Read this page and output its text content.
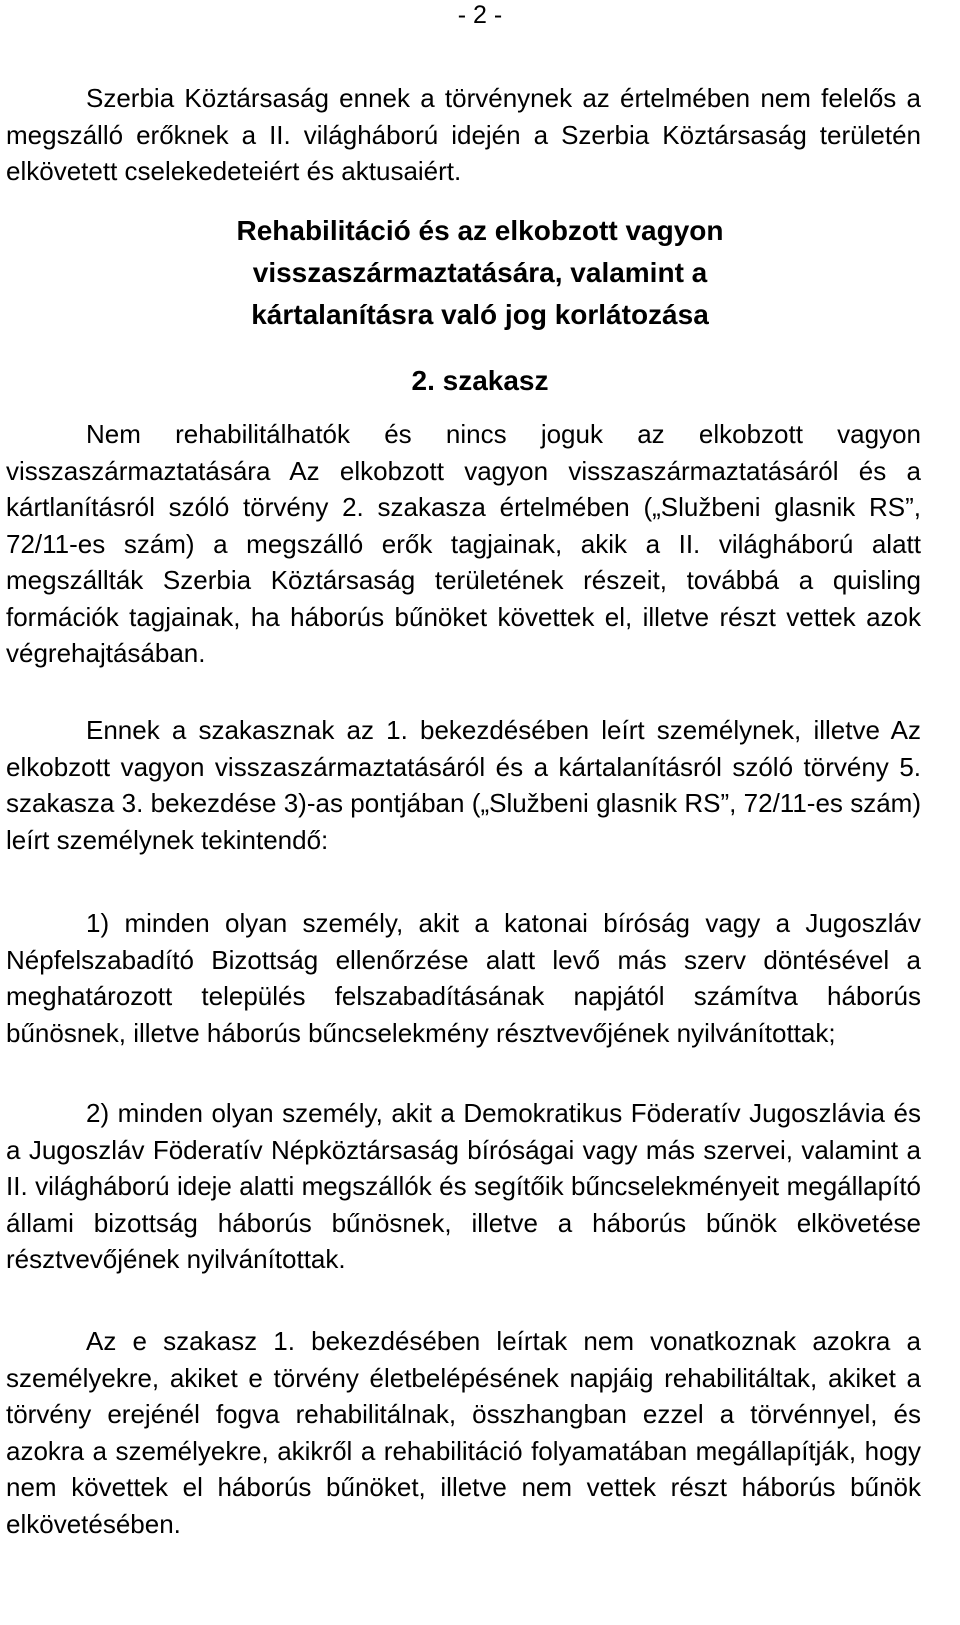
- 2 -

Szerbia Köztársaság ennek a törvénynek az értelmében nem felelős a megszálló erőknek a II. világháború idején a Szerbia Köztársaság területén elkövetett cselekedeteiért és aktusaiért.

Rehabilitáció és az elkobzott vagyon
visszaszármaztatására, valamint a
kártalanításra való jog korlátozása
2. szakasz

Nem rehabilitálhatók és nincs joguk az elkobzott vagyon visszaszármaztatására Az elkobzott vagyon visszaszármaztatásáról és a kártlanításról szóló törvény 2. szakasza értelmében („Službeni glasnik RS”, 72/11-es szám) a megszálló erők tagjainak, akik a II. világháború alatt megszállták Szerbia Köztársaság területének részeit, továbbá a quisling formációk tagjainak, ha háborús bűnöket követtek el, illetve részt vettek azok végrehajtásában.

Ennek a szakasznak az 1. bekezdésében leírt személynek, illetve Az elkobzott vagyon visszaszármaztatásáról és a kártalanításról szóló törvény 5. szakasza 3. bekezdése 3)-as pontjában („Službeni glasnik RS”, 72/11-es szám) leírt személynek tekintendő:

1) minden olyan személy, akit a katonai bíróság vagy a Jugoszláv Népfelszabadító Bizottság ellenőrzése alatt levő más szerv döntésével a meghatározott település felszabadításának napjától számítva háborús bűnösnek, illetve háborús bűncselekmény résztvevőjének nyilvánítottak;

2) minden olyan személy, akit a Demokratikus Föderatív Jugoszlávia és a Jugoszláv Föderatív Népköztársaság bíróságai vagy más szervei, valamint a II. világháború ideje alatti megszállók és segítőik bűncselekményeit megállapító állami bizottság háborús bűnösnek, illetve a háborús bűnök elkövetése résztvevőjének nyilvánítottak.

Az e szakasz 1. bekezdésében leírtak nem vonatkoznak azokra a személyekre, akiket e törvény életbelépésének napjáig rehabilitáltak, akiket a törvény erejénél fogva rehabilitálnak, összhangban ezzel a törvénnyel, és azokra a személyekre, akikről a rehabilitáció folyamatában megállapítják, hogy nem követtek el háborús bűnöket, illetve nem vettek részt háborús bűnök elkövetésében.
